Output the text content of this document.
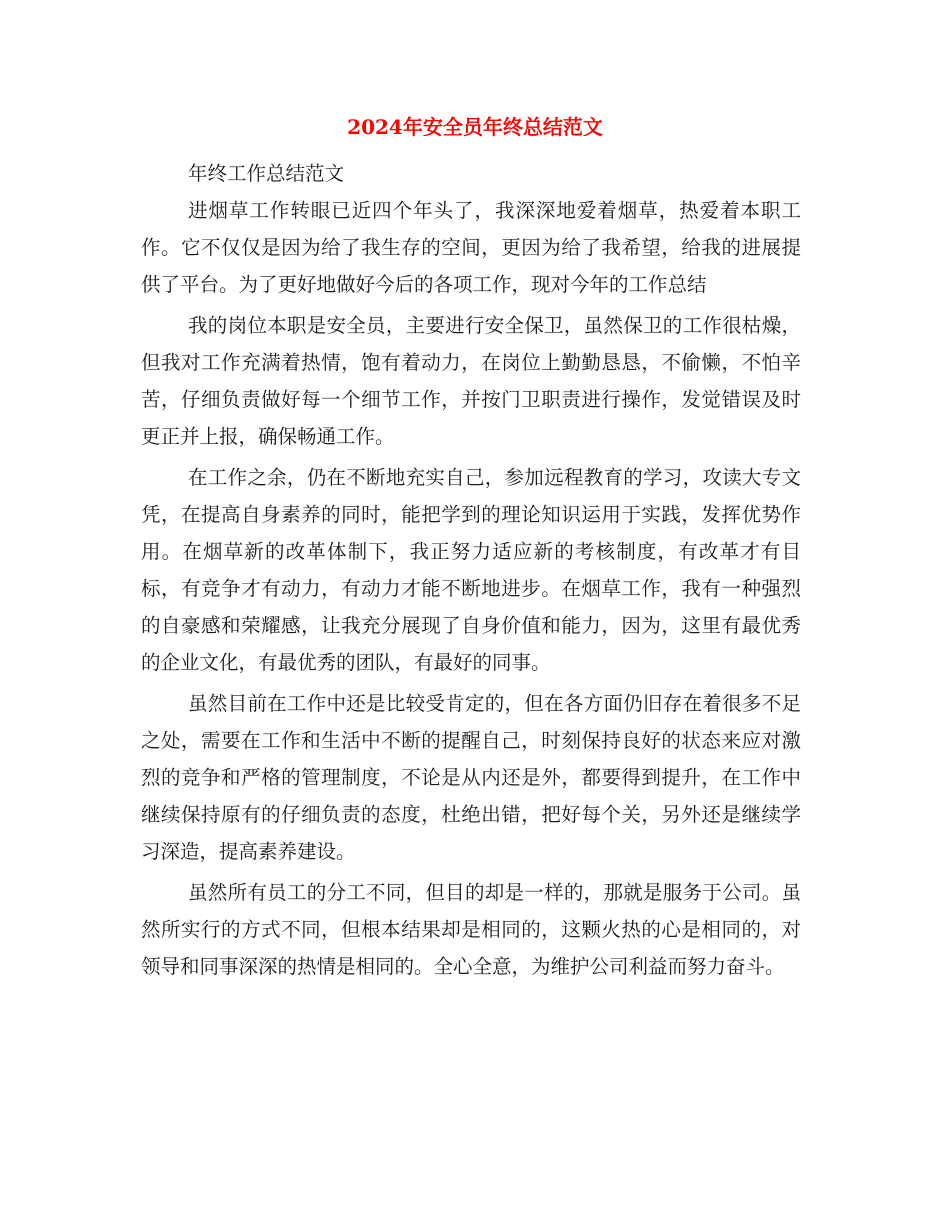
2024年安全员年终总结范文

年终工作总结范文

进烟草工作转眼已近四个年头了，我深深地爱着烟草，热爱着本职工作。它不仅仅是因为给了我生存的空间，更因为给了我希望，给我的进展提供了平台。为了更好地做好今后的各项工作，现对今年的工作总结

我的岗位本职是安全员，主要进行安全保卫，虽然保卫的工作很枯燥，但我对工作充满着热情，饱有着动力，在岗位上勤勤恳恳，不偷懒，不怕辛苦，仔细负责做好每一个细节工作，并按门卫职责进行操作，发觉错误及时更正并上报，确保畅通工作。

在工作之余，仍在不断地充实自己，参加远程教育的学习，攻读大专文凭，在提高自身素养的同时，能把学到的理论知识运用于实践，发挥优势作用。在烟草新的改革体制下，我正努力适应新的考核制度，有改革才有目标，有竞争才有动力，有动力才能不断地进步。在烟草工作，我有一种强烈的自豪感和荣耀感，让我充分展现了自身价值和能力，因为，这里有最优秀的企业文化，有最优秀的团队，有最好的同事。

虽然目前在工作中还是比较受肯定的，但在各方面仍旧存在着很多不足之处，需要在工作和生活中不断的提醒自己，时刻保持良好的状态来应对激烈的竞争和严格的管理制度，不论是从内还是外，都要得到提升，在工作中继续保持原有的仔细负责的态度，杜绝出错，把好每个关，另外还是继续学习深造，提高素养建设。

虽然所有员工的分工不同，但目的却是一样的，那就是服务于公司。虽然所实行的方式不同，但根本结果却是相同的，这颗火热的心是相同的，对领导和同事深深的热情是相同的。全心全意，为维护公司利益而努力奋斗。
